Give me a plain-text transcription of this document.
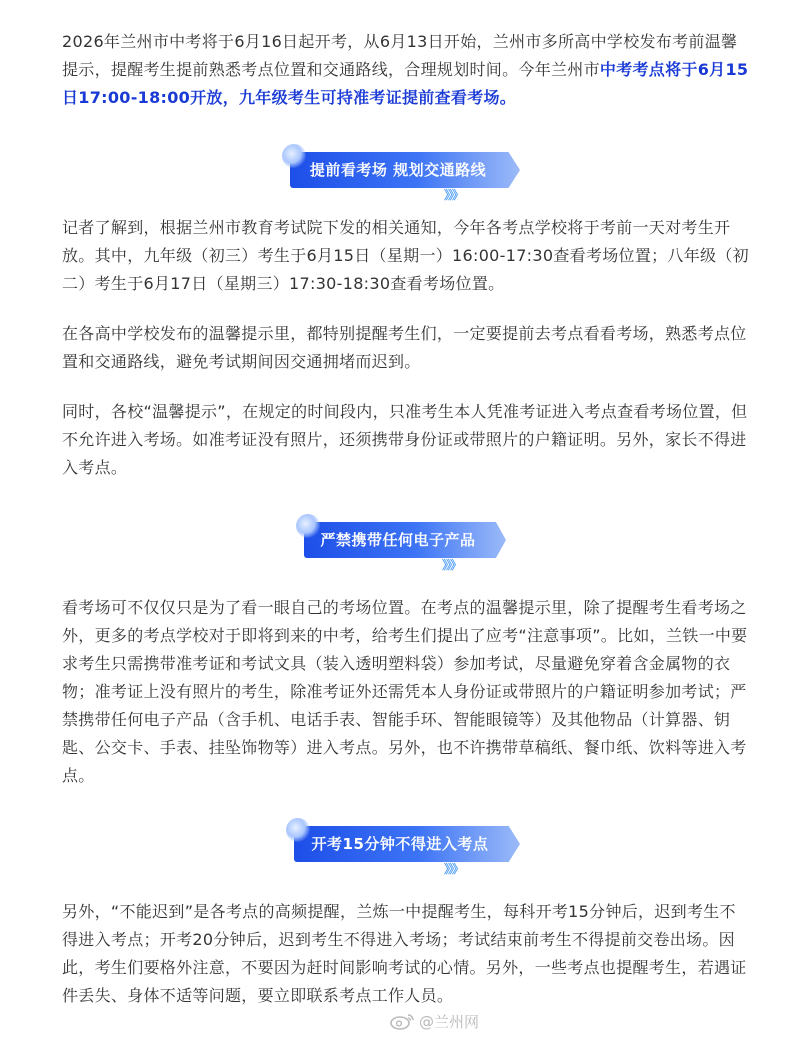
2026年兰州市中考将于6月16日起开考，从6月13日开始，兰州市多所高中学校发布考前温馨提示，提醒考生提前熟悉考点位置和交通路线，合理规划时间。今年兰州市中考考点将于6月15日17:00-18:00开放，九年级考生可持准考证提前查看考场。

提前看考场 规划交通路线
》》》

记者了解到，根据兰州市教育考试院下发的相关通知，今年各考点学校将于考前一天对考生开放。其中，九年级（初三）考生于6月15日（星期一）16:00-17:30查看考场位置；八年级（初二）考生于6月17日（星期三）17:30-18:30查看考场位置。

在各高中学校发布的温馨提示里，都特别提醒考生们，一定要提前去考点看看考场，熟悉考点位置和交通路线，避免考试期间因交通拥堵而迟到。

同时，各校“温馨提示”，在规定的时间段内，只准考生本人凭准考证进入考点查看考场位置，但不允许进入考场。如准考证没有照片，还须携带身份证或带照片的户籍证明。另外，家长不得进入考点。

严禁携带任何电子产品
》》》

看考场可不仅仅只是为了看一眼自己的考场位置。在考点的温馨提示里，除了提醒考生看考场之外，更多的考点学校对于即将到来的中考，给考生们提出了应考“注意事项”。比如，兰铁一中要求考生只需携带准考证和考试文具（装入透明塑料袋）参加考试，尽量避免穿着含金属物的衣物；准考证上没有照片的考生，除准考证外还需凭本人身份证或带照片的户籍证明参加考试；严禁携带任何电子产品（含手机、电话手表、智能手环、智能眼镜等）及其他物品（计算器、钥匙、公交卡、手表、挂坠饰物等）进入考点。另外，也不许携带草稿纸、餐巾纸、饮料等进入考点。

开考15分钟不得进入考点
》》》

另外，“不能迟到”是各考点的高频提醒，兰炼一中提醒考生，每科开考15分钟后，迟到考生不得进入考点；开考20分钟后，迟到考生不得进入考场；考试结束前考生不得提前交卷出场。因此，考生们要格外注意，不要因为赶时间影响考试的心情。另外，一些考点也提醒考生，若遇证件丢失、身体不适等问题，要立即联系考点工作人员。

@兰州网
